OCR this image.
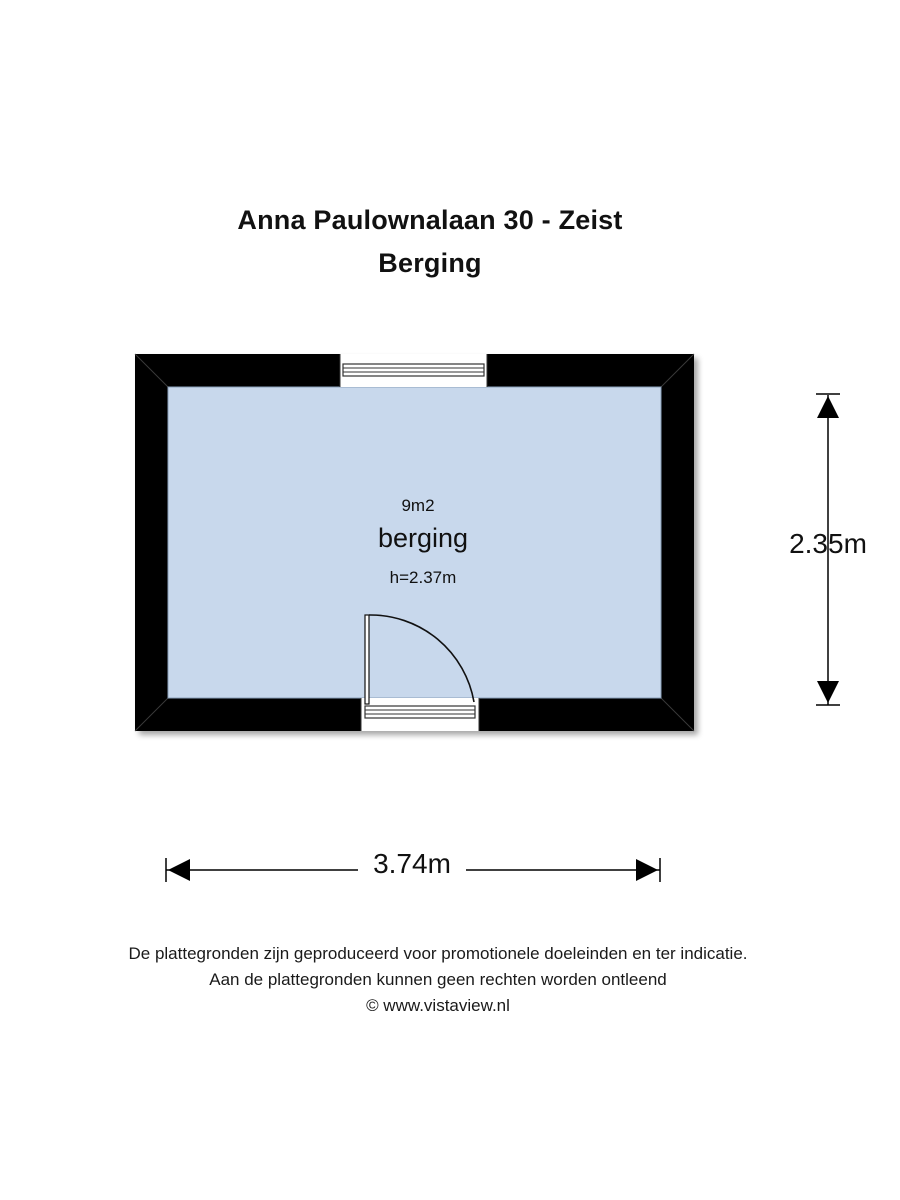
Anna Paulownalaan 30 - Zeist
Berging
9m2
berging
h=2.37m
2.35m
3.74m
De plattegronden zijn geproduceerd voor promotionele doeleinden en ter indicatie.
Aan de plattegronden kunnen geen rechten worden ontleend
© www.vistaview.nl
